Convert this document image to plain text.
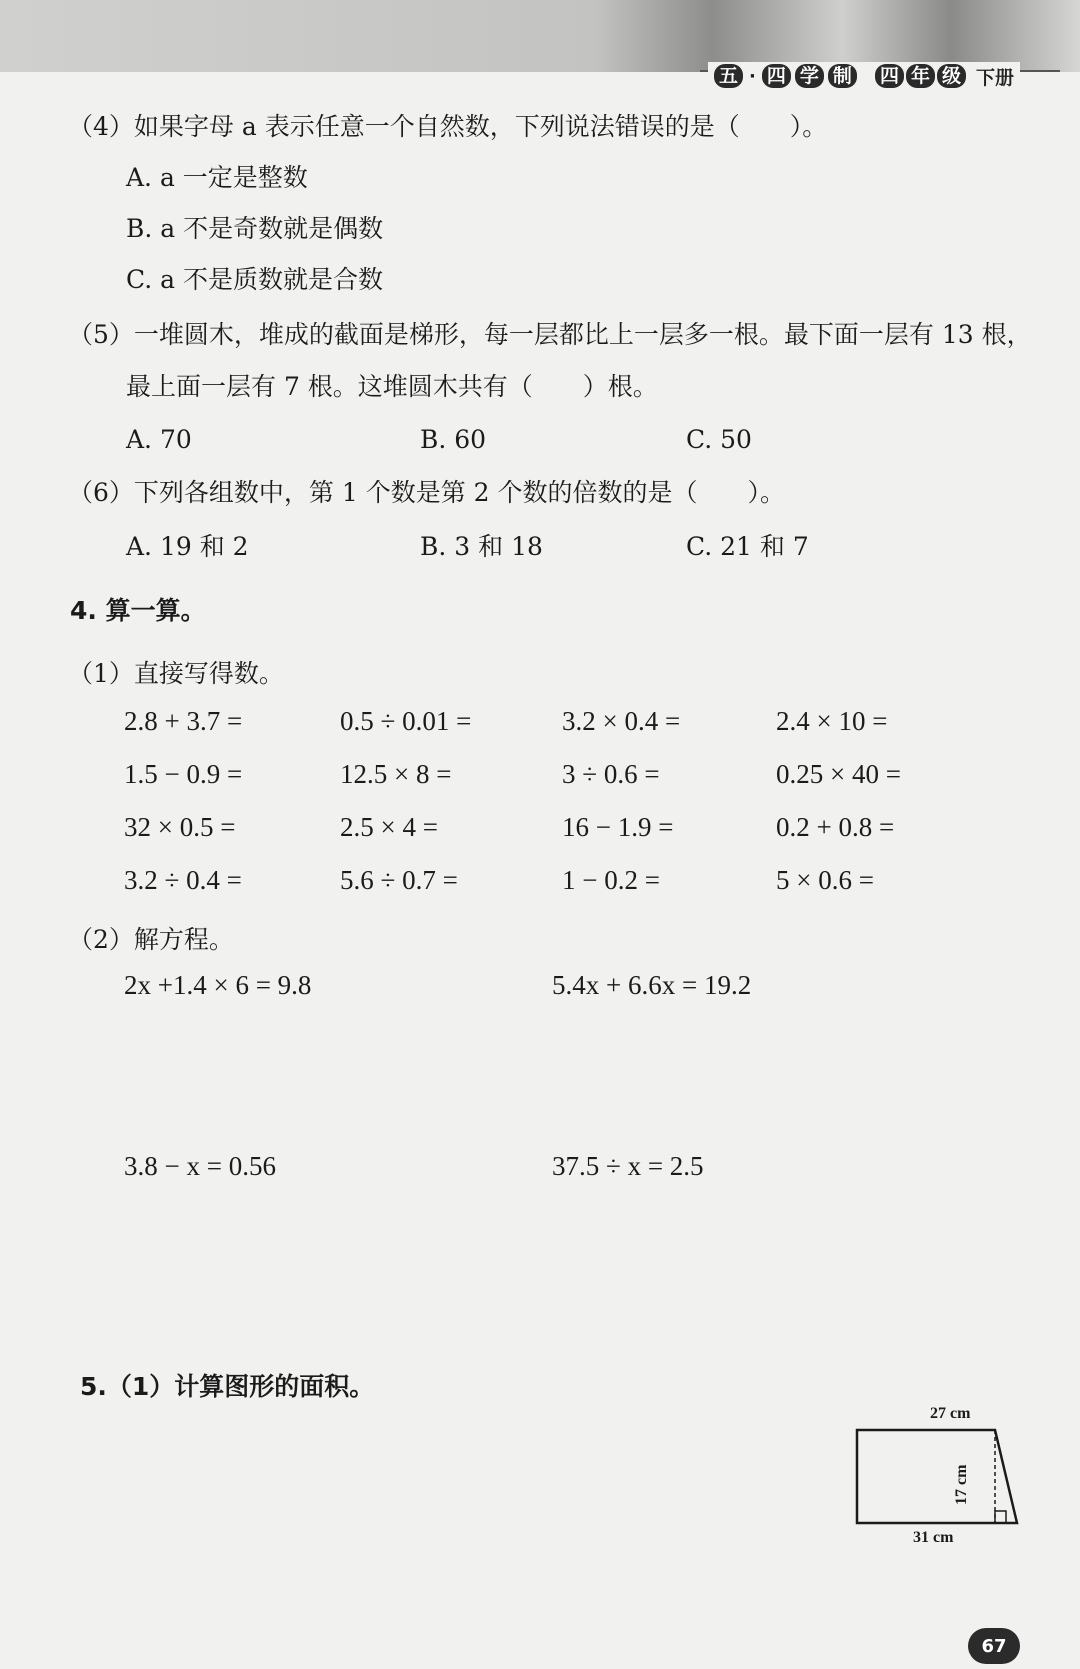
五 · 四 学 制 四 年 级 下册
（4）如果字母 a 表示任意一个自然数，下列说法错误的是（　　）。
A. a 一定是整数
B. a 不是奇数就是偶数
C. a 不是质数就是合数
（5）一堆圆木，堆成的截面是梯形，每一层都比上一层多一根。最下面一层有 13 根，
最上面一层有 7 根。这堆圆木共有（　　）根。
A. 70	B. 60	C. 50
（6）下列各组数中，第 1 个数是第 2 个数的倍数的是（　　）。
A. 19 和 2	B. 3 和 18	C. 21 和 7
4. 算一算。
（1）直接写得数。
2.8 + 3.7 =	0.5 ÷ 0.01 =	3.2 × 0.4 =	2.4 × 10 =
1.5 − 0.9 =	12.5 × 8 =	3 ÷ 0.6 =	0.25 × 40 =
32 × 0.5 =	2.5 × 4 =	16 − 1.9 =	0.2 + 0.8 =
3.2 ÷ 0.4 =	5.6 ÷ 0.7 =	1 − 0.2 =	5 × 0.6 =
（2）解方程。
2x +1.4 × 6 = 9.8	5.4x + 6.6x = 19.2
3.8 − x = 0.56	37.5 ÷ x = 2.5
5.（1）计算图形的面积。
27 cm
17 cm
31 cm
67
